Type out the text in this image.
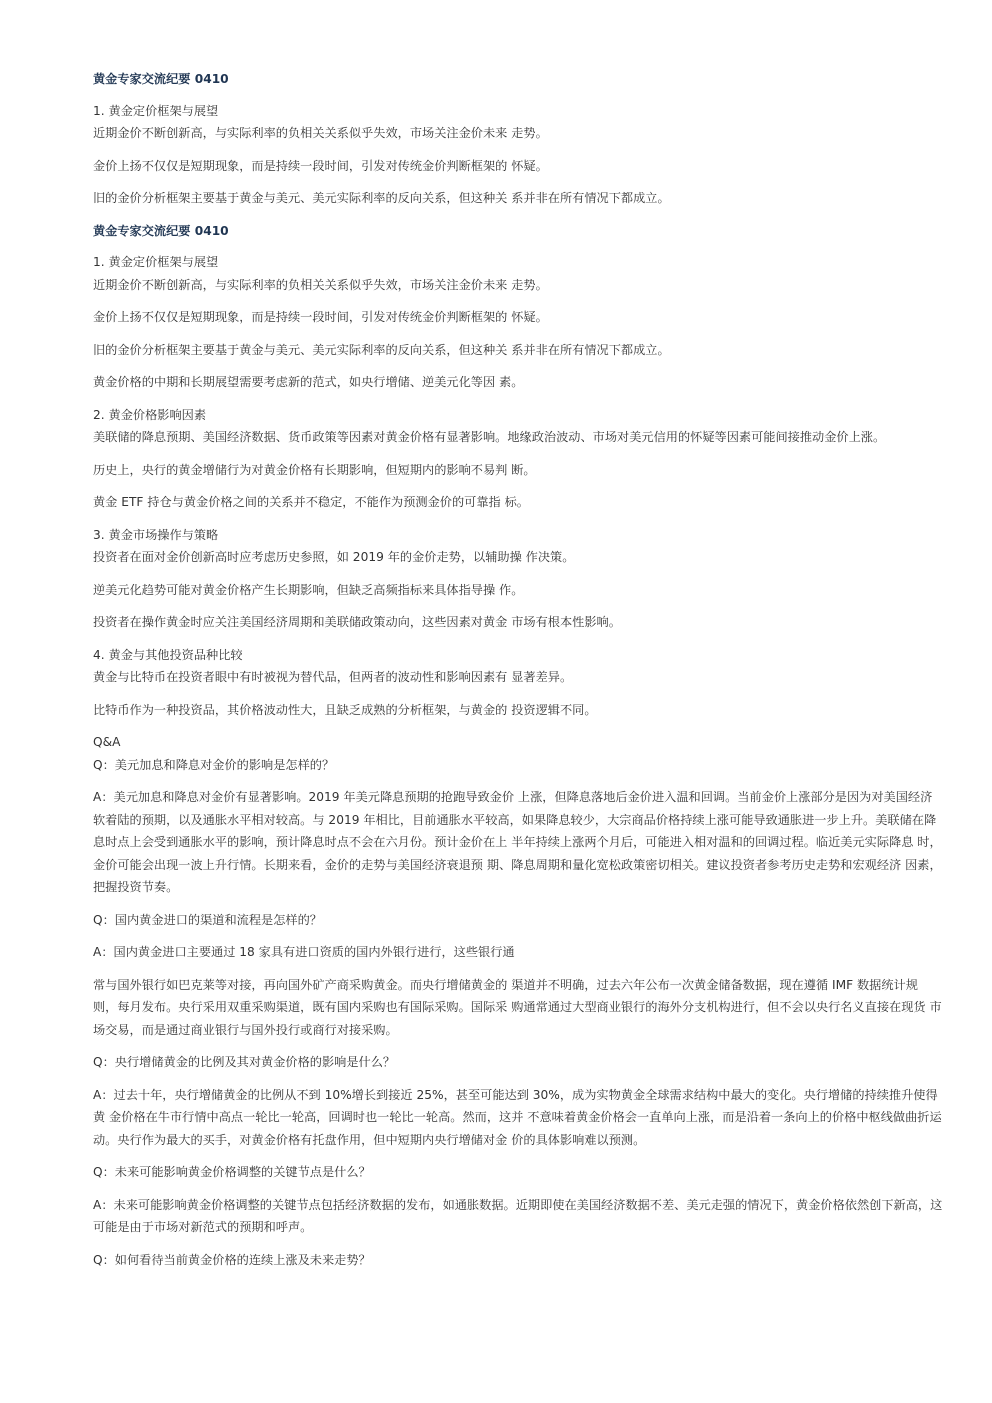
黄金专家交流纪要 0410

1. 黄金定价框架与展望

近期金价不断创新高，与实际利率的负相关关系似乎失效，市场关注金价未来 走势。

金价上扬不仅仅是短期现象，而是持续一段时间，引发对传统金价判断框架的 怀疑。

旧的金价分析框架主要基于黄金与美元、美元实际利率的反向关系，但这种关 系并非在所有情况下都成立。

黄金专家交流纪要 0410

1. 黄金定价框架与展望

近期金价不断创新高，与实际利率的负相关关系似乎失效，市场关注金价未来 走势。

金价上扬不仅仅是短期现象，而是持续一段时间，引发对传统金价判断框架的 怀疑。

旧的金价分析框架主要基于黄金与美元、美元实际利率的反向关系，但这种关 系并非在所有情况下都成立。

黄金价格的中期和长期展望需要考虑新的范式，如央行增储、逆美元化等因 素。

2. 黄金价格影响因素

美联储的降息预期、美国经济数据、货币政策等因素对黄金价格有显著影响。地缘政治波动、市场对美元信用的怀疑等因素可能间接推动金价上涨。

历史上，央行的黄金增储行为对黄金价格有长期影响，但短期内的影响不易判 断。

黄金 ETF 持仓与黄金价格之间的关系并不稳定，不能作为预测金价的可靠指 标。

3. 黄金市场操作与策略

投资者在面对金价创新高时应考虑历史参照，如 2019 年的金价走势，以辅助操 作决策。

逆美元化趋势可能对黄金价格产生长期影响，但缺乏高频指标来具体指导操 作。

投资者在操作黄金时应关注美国经济周期和美联储政策动向，这些因素对黄金 市场有根本性影响。

4. 黄金与其他投资品种比较

黄金与比特币在投资者眼中有时被视为替代品，但两者的波动性和影响因素有 显著差异。

比特币作为一种投资品，其价格波动性大，且缺乏成熟的分析框架，与黄金的 投资逻辑不同。

Q&A

Q：美元加息和降息对金价的影响是怎样的？

A：美元加息和降息对金价有显著影响。2019 年美元降息预期的抢跑导致金价 上涨，但降息落地后金价进入温和回调。当前金价上涨部分是因为对美国经济 软着陆的预期，以及通胀水平相对较高。与 2019 年相比，目前通胀水平较高，如果降息较少，大宗商品价格持续上涨可能导致通胀进一步上升。美联储在降 息时点上会受到通胀水平的影响，预计降息时点不会在六月份。预计金价在上 半年持续上涨两个月后，可能进入相对温和的回调过程。临近美元实际降息 时，金价可能会出现一波上升行情。长期来看，金价的走势与美国经济衰退预 期、降息周期和量化宽松政策密切相关。建议投资者参考历史走势和宏观经济 因素，把握投资节奏。

Q：国内黄金进口的渠道和流程是怎样的？

A：国内黄金进口主要通过 18 家具有进口资质的国内外银行进行，这些银行通

常与国外银行如巴克莱等对接，再向国外矿产商采购黄金。而央行增储黄金的 渠道并不明确，过去六年公布一次黄金储备数据，现在遵循 IMF 数据统计规 则，每月发布。央行采用双重采购渠道，既有国内采购也有国际采购。国际采 购通常通过大型商业银行的海外分支机构进行，但不会以央行名义直接在现货 市场交易，而是通过商业银行与国外投行或商行对接采购。

Q：央行增储黄金的比例及其对黄金价格的影响是什么？

A：过去十年，央行增储黄金的比例从不到 10%增长到接近 25%，甚至可能达到 30%，成为实物黄金全球需求结构中最大的变化。央行增储的持续推升使得黄 金价格在牛市行情中高点一轮比一轮高，回调时也一轮比一轮高。然而，这并 不意味着黄金价格会一直单向上涨，而是沿着一条向上的价格中枢线做曲折运 动。央行作为最大的买手，对黄金价格有托盘作用，但中短期内央行增储对金 价的具体影响难以预测。

Q：未来可能影响黄金价格调整的关键节点是什么？

A：未来可能影响黄金价格调整的关键节点包括经济数据的发布，如通胀数据。近期即使在美国经济数据不差、美元走强的情况下，黄金价格依然创下新高，这可能是由于市场对新范式的预期和呼声。

Q：如何看待当前黄金价格的连续上涨及未来走势？
